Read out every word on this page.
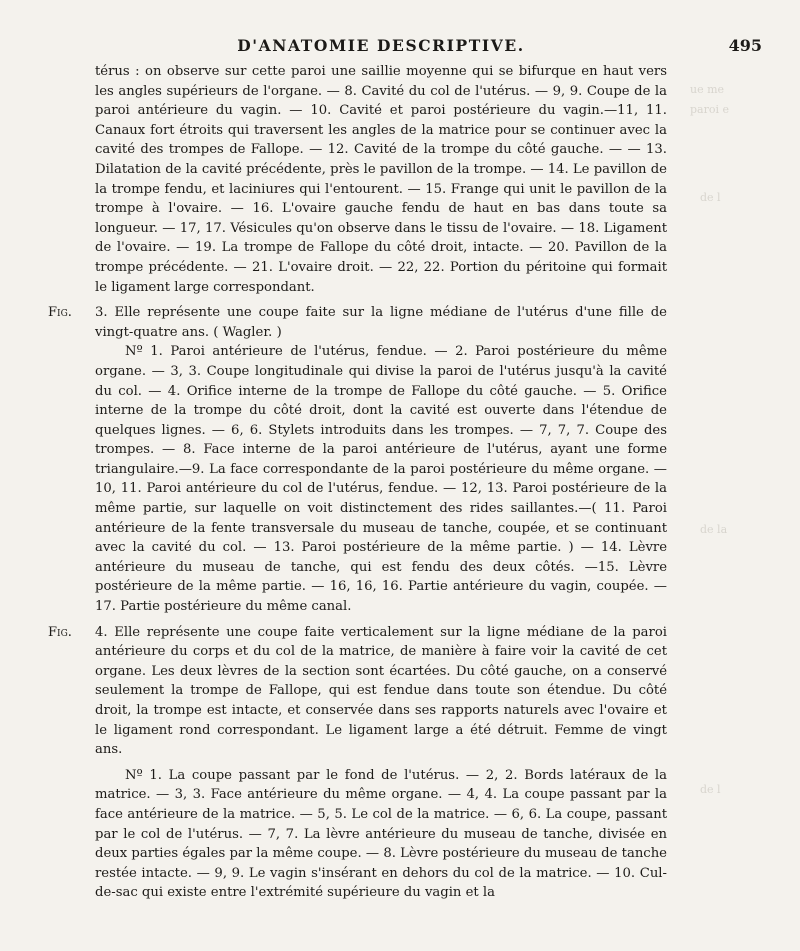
ue me
paroi e
de l
de la
de l
D'ANATOMIE DESCRIPTIVE.	495

térus : on observe sur cette paroi une saillie moyenne qui se bifurque en haut vers les angles supérieurs de l'organe. — 8. Cavité du col de l'utérus. — 9, 9. Coupe de la paroi antérieure du vagin. — 10. Cavité et paroi postérieure du vagin.—11, 11. Canaux fort étroits qui traversent les angles de la matrice pour se continuer avec la cavité des trompes de Fallope. — 12. Cavité de la trompe du côté gauche. — — 13. Dilatation de la cavité précédente, près le pavillon de la trompe. — 14. Le pavillon de la trompe fendu, et laciniures qui l'entourent. — 15. Frange qui unit le pavillon de la trompe à l'ovaire. — 16. L'ovaire gauche fendu de haut en bas dans toute sa longueur. — 17, 17. Vésicules qu'on observe dans le tissu de l'ovaire. — 18. Ligament de l'ovaire. — 19. La trompe de Fallope du côté droit, intacte. — 20. Pavillon de la trompe précédente. — 21. L'ovaire droit. — 22, 22. Portion du péritoine qui formait le ligament large correspondant.

Fig. 3. Elle représente une coupe faite sur la ligne médiane de l'utérus d'une fille de vingt-quatre ans. ( Wagler. )

Nº 1. Paroi antérieure de l'utérus, fendue. — 2. Paroi postérieure du même organe. — 3, 3. Coupe longitudinale qui divise la paroi de l'utérus jusqu'à la cavité du col. — 4. Orifice interne de la trompe de Fallope du côté gauche. — 5. Orifice interne de la trompe du côté droit, dont la cavité est ouverte dans l'étendue de quelques lignes. — 6, 6. Stylets introduits dans les trompes. — 7, 7, 7. Coupe des trompes. — 8. Face interne de la paroi antérieure de l'utérus, ayant une forme triangulaire.—9. La face correspondante de la paroi postérieure du même organe. — 10, 11. Paroi antérieure du col de l'utérus, fendue. — 12, 13. Paroi postérieure de la même partie, sur laquelle on voit distinctement des rides saillantes.—( 11. Paroi antérieure de la fente transversale du museau de tanche, coupée, et se continuant avec la cavité du col. — 13. Paroi postérieure de la même partie. ) — 14. Lèvre antérieure du museau de tanche, qui est fendu des deux côtés. —15. Lèvre postérieure de la même partie. — 16, 16, 16. Partie antérieure du vagin, coupée. — 17. Partie postérieure du même canal.

Fig. 4. Elle représente une coupe faite verticalement sur la ligne médiane de la paroi antérieure du corps et du col de la matrice, de manière à faire voir la cavité de cet organe. Les deux lèvres de la section sont écartées. Du côté gauche, on a conservé seulement la trompe de Fallope, qui est fendue dans toute son étendue. Du côté droit, la trompe est intacte, et conservée dans ses rapports naturels avec l'ovaire et le ligament rond correspondant. Le ligament large a été détruit. Femme de vingt ans.

Nº 1. La coupe passant par le fond de l'utérus. — 2, 2. Bords latéraux de la matrice. — 3, 3. Face antérieure du même organe. — 4, 4. La coupe passant par la face antérieure de la matrice. — 5, 5. Le col de la matrice. — 6, 6. La coupe, passant par le col de l'utérus. — 7, 7. La lèvre antérieure du museau de tanche, divisée en deux parties égales par la même coupe. — 8. Lèvre postérieure du museau de tanche restée intacte. — 9, 9. Le vagin s'insérant en dehors du col de la matrice. — 10. Cul-de-sac qui existe entre l'extrémité supérieure du vagin et la
